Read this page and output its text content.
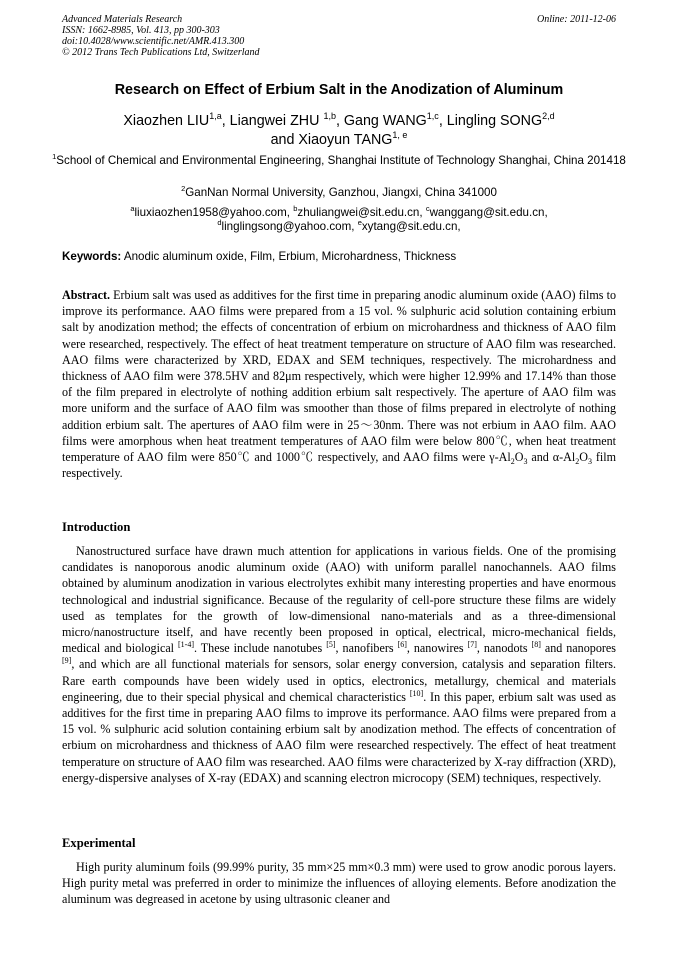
Advanced Materials Research
ISSN: 1662-8985, Vol. 413, pp 300-303
doi:10.4028/www.scientific.net/AMR.413.300
© 2012 Trans Tech Publications Ltd, Switzerland
Online: 2011-12-06
Research on Effect of Erbium Salt in the Anodization of Aluminum
Xiaozhen LIU$^{1,a}$, Liangwei ZHU $^{1,b}$, Gang WANG$^{1,c}$, Lingling SONG$^{2,d}$
and Xiaoyun TANG$^{1, e}$
$^1$School of Chemical and Environmental Engineering, Shanghai Institute of Technology Shanghai, China 201418
$^2$GanNan Normal University, Ganzhou, Jiangxi, China 341000
$^a$liuxiaozhen1958@yahoo.com, $^b$zhuliangwei@sit.edu.cn, $^c$wanggang@sit.edu.cn,
$^d$linglingsong@yahoo.com, $^e$xytang@sit.edu.cn,
Keywords: Anodic aluminum oxide, Film, Erbium, Microhardness, Thickness
Abstract. Erbium salt was used as additives for the first time in preparing anodic aluminum oxide (AAO) films to improve its performance. AAO films were prepared from a 15 vol. % sulphuric acid solution containing erbium salt by anodization method; the effects of concentration of erbium on microhardness and thickness of AAO film were researched, respectively. The effect of heat treatment temperature on structure of AAO film was researched. AAO films were characterized by XRD, EDAX and SEM techniques, respectively. The microhardness and thickness of AAO film were 378.5HV and 82μm respectively, which were higher 12.99% and 17.14% than those of the film prepared in electrolyte of nothing addition erbium salt respectively. The aperture of AAO film was more uniform and the surface of AAO film was smoother than those of films prepared in electrolyte of nothing addition erbium salt. The apertures of AAO film were in 25～30nm. There was not erbium in AAO film. AAO films were amorphous when heat treatment temperatures of AAO film were below 800℃, when heat treatment temperature of AAO film were 850℃ and 1000℃ respectively, and AAO films were $\gamma-Al_2O_3$ and $\alpha-Al_2O_3$ film respectively.
Introduction
Nanostructured surface have drawn much attention for applications in various fields. One of the promising candidates is nanoporous anodic aluminum oxide (AAO) with uniform parallel nanochannels. AAO films obtained by aluminum anodization in various electrolytes exhibit many interesting properties and have enormous technological and industrial significance. Because of the regularity of cell-pore structure these films are widely used as templates for the growth of low-dimensional nano-materials and as a three-dimensional micro/nanostructure itself, and have recently been proposed in optical, electrical, micro-mechanical fields, medical and biological [1-4]. These include nanotubes [5], nanofibers [6], nanowires [7], nanodots [8] and nanopores [9], and which are all functional materials for sensors, solar energy conversion, catalysis and separation filters. Rare earth compounds have been widely used in optics, electronics, metallurgy, chemical and materials engineering, due to their special physical and chemical characteristics [10]. In this paper, erbium salt was used as additives for the first time in preparing AAO films to improve its performance. AAO films were prepared from a 15 vol. % sulphuric acid solution containing erbium salt by anodization method. The effects of concentration of erbium on microhardness and thickness of AAO film were researched respectively. The effect of heat treatment temperature on structure of AAO film was researched. AAO films were characterized by X-ray diffraction (XRD), energy-dispersive analyses of X-ray (EDAX) and scanning electron microcopy (SEM) techniques, respectively.
Experimental
High purity aluminum foils (99.99% purity, 35 mm×25 mm×0.3 mm) were used to grow anodic porous layers. High purity metal was preferred in order to minimize the influences of alloying elements. Before anodization the aluminum was degreased in acetone by using ultrasonic cleaner and
